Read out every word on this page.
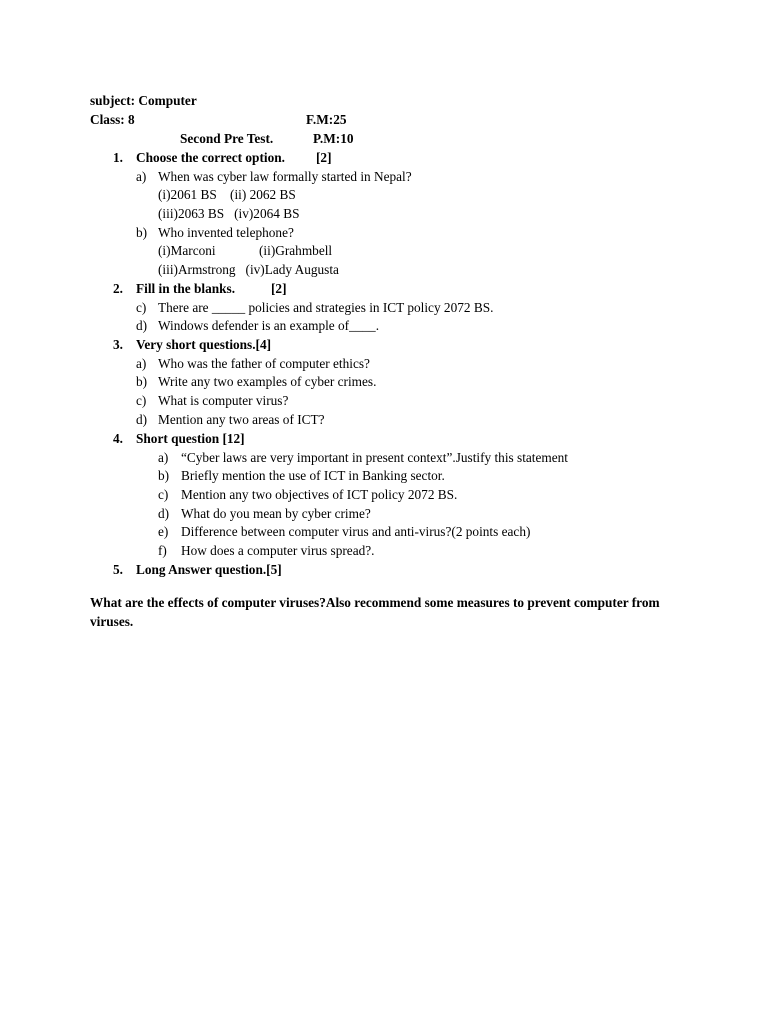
subject: Computer
Class: 8	F.M:25
Second Pre Test.	P.M:10
1. Choose the correct option. [2]
a) When was cyber law formally started in Nepal?
(i)2061 BS    (ii) 2062 BS
(iii)2063 BS   (iv)2064 BS
b) Who invented telephone?
(i)Marconi	(ii)Grahmbell
(iii)Armstrong   (iv)Lady Augusta
2. Fill in the blanks.	[2]
c) There are _____ policies and strategies in ICT policy 2072 BS.
d) Windows defender is an example of____.
3. Very short questions.[4]
a) Who was the father of computer ethics?
b) Write any two examples of cyber crimes.
c) What is computer virus?
d) Mention any two areas of ICT?
4. Short question [12]
a) “Cyber laws are very important in present context”.Justify this statement
b) Briefly mention the use of ICT in Banking sector.
c) Mention any two objectives of ICT policy 2072 BS.
d) What do you mean by cyber crime?
e) Difference between computer virus and anti-virus?(2 points each)
f) How does a computer virus spread?.
5. Long Answer question.[5]
What are the effects of computer viruses?Also recommend some measures to prevent computer from viruses.
